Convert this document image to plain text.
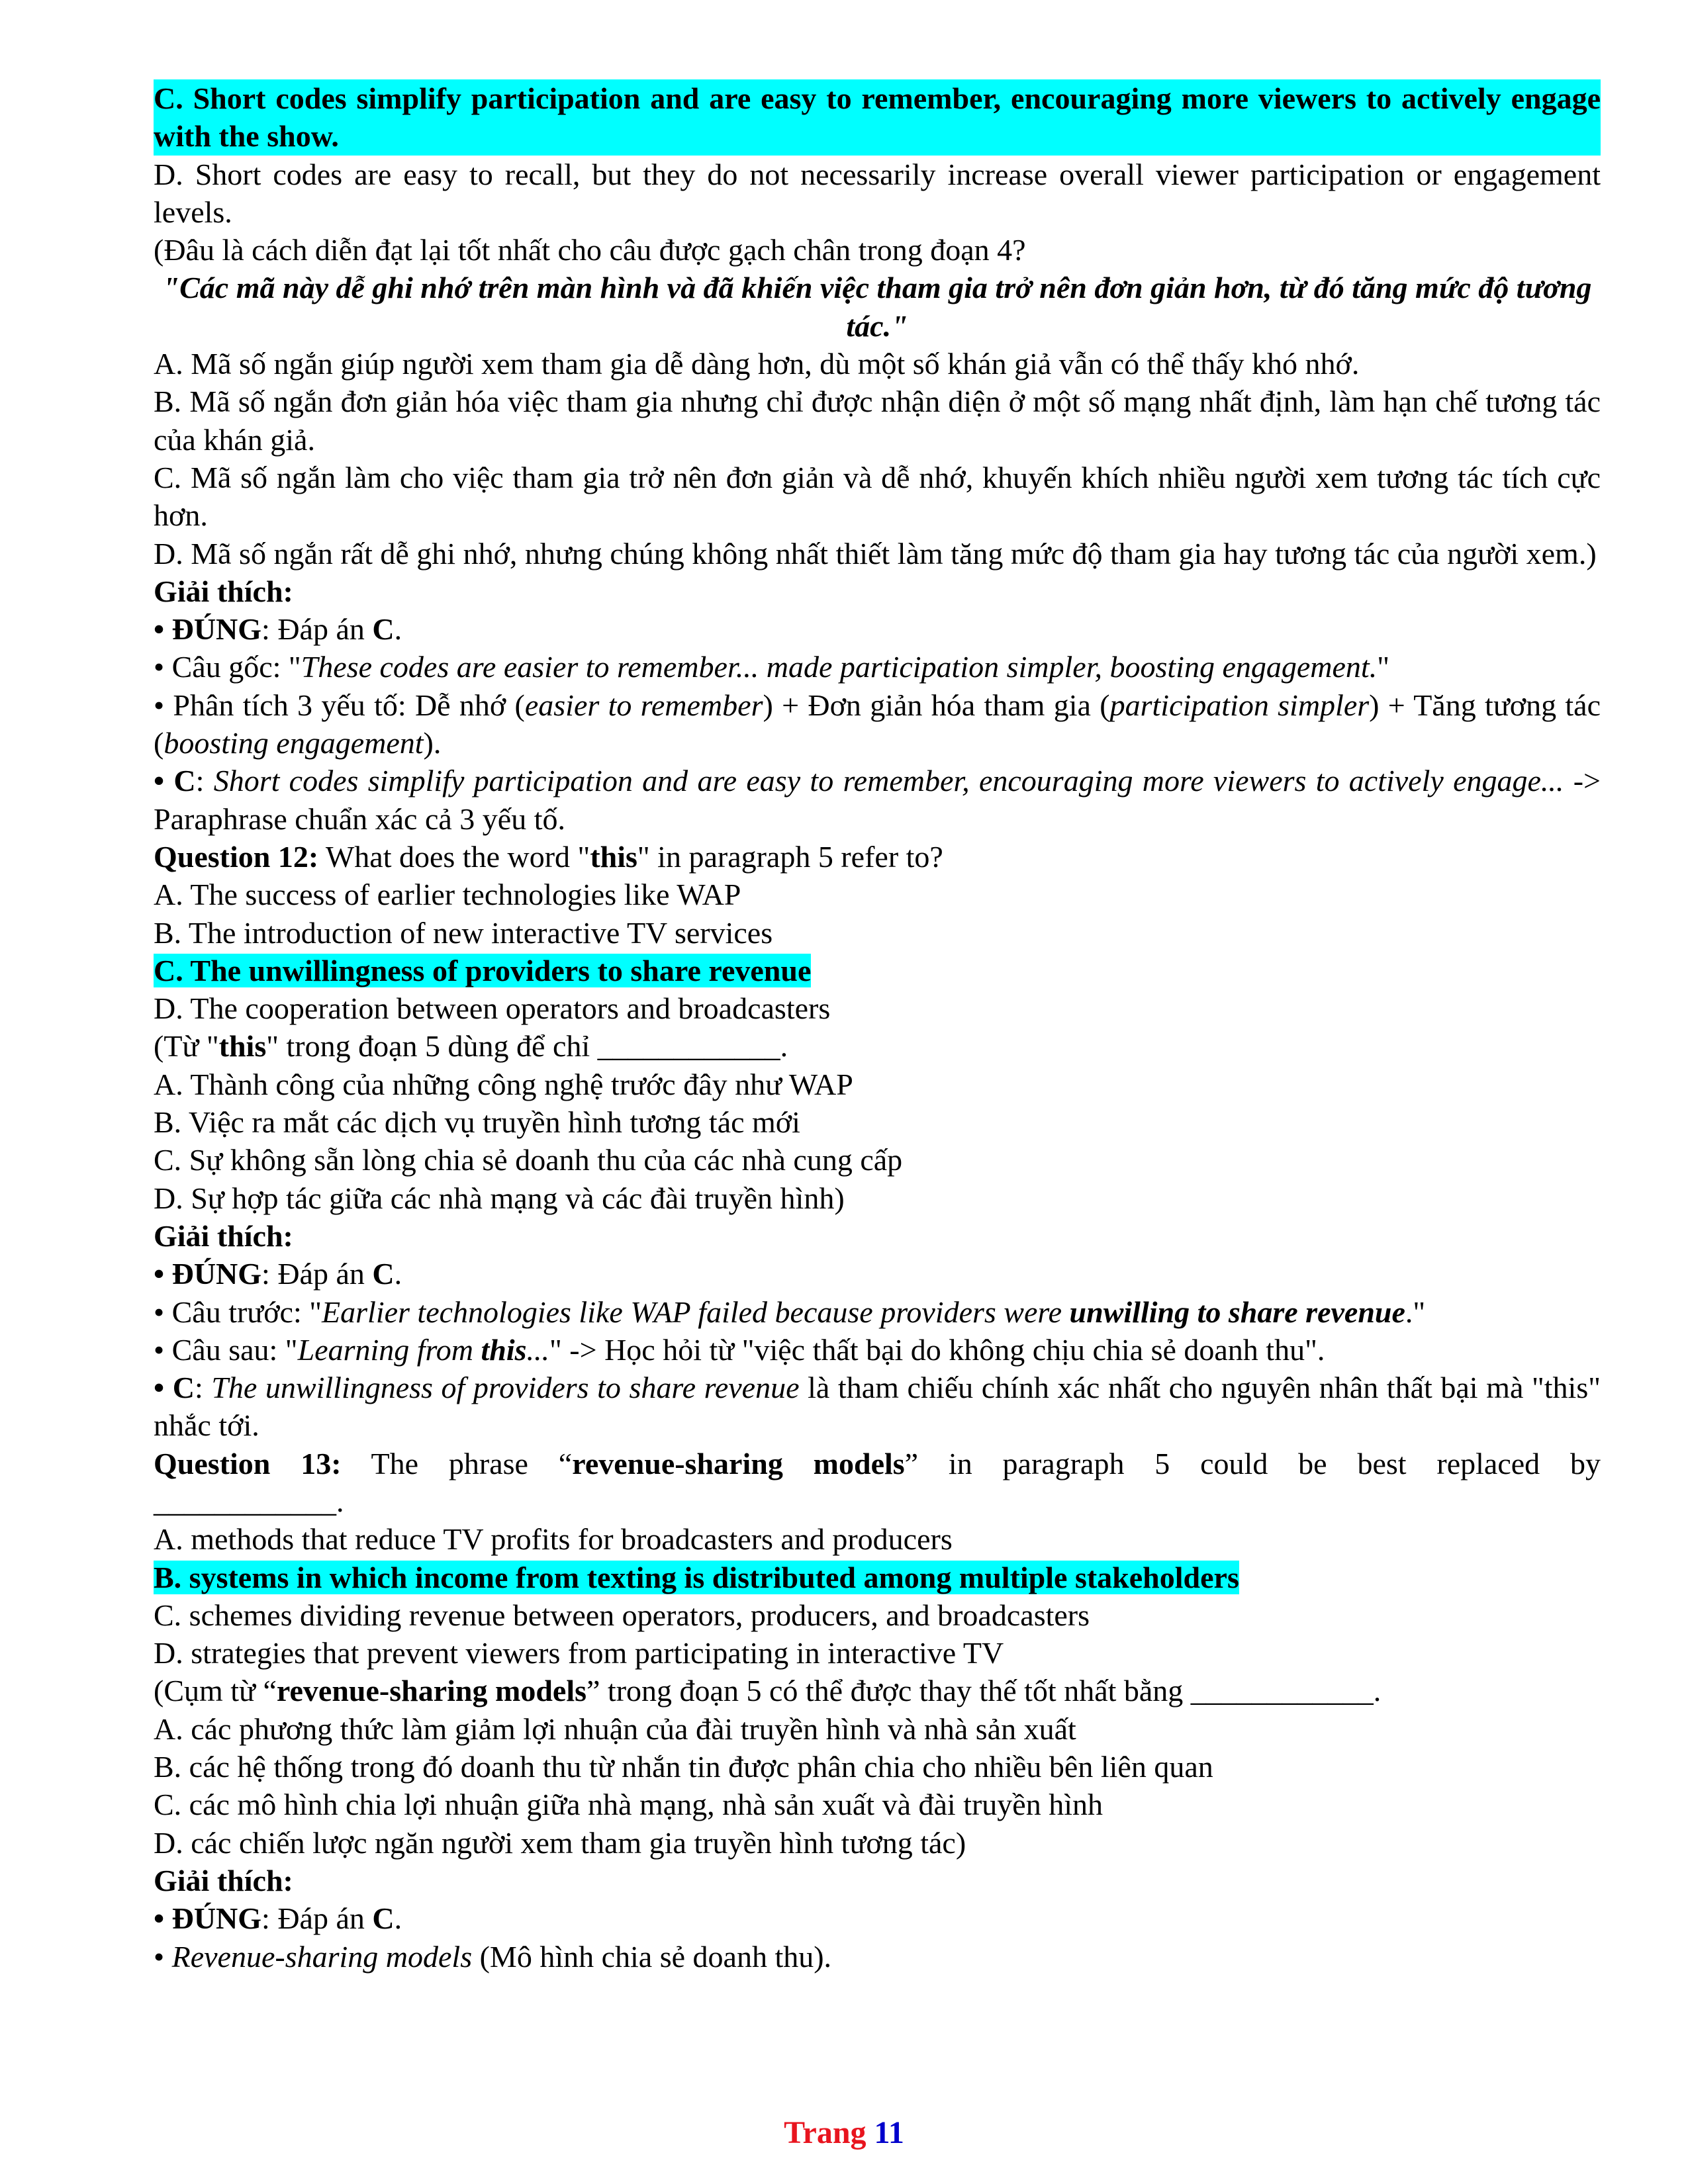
C. Short codes simplify participation and are easy to remember, encouraging more viewers to actively engage with the show.

D. Short codes are easy to recall, but they do not necessarily increase overall viewer participation or engagement levels.

(Đâu là cách diễn đạt lại tốt nhất cho câu được gạch chân trong đoạn 4?

"Các mã này dễ ghi nhớ trên màn hình và đã khiến việc tham gia trở nên đơn giản hơn, từ đó tăng mức độ tương tác."

A. Mã số ngắn giúp người xem tham gia dễ dàng hơn, dù một số khán giả vẫn có thể thấy khó nhớ.

B. Mã số ngắn đơn giản hóa việc tham gia nhưng chỉ được nhận diện ở một số mạng nhất định, làm hạn chế tương tác của khán giả.

C. Mã số ngắn làm cho việc tham gia trở nên đơn giản và dễ nhớ, khuyến khích nhiều người xem tương tác tích cực hơn.

D. Mã số ngắn rất dễ ghi nhớ, nhưng chúng không nhất thiết làm tăng mức độ tham gia hay tương tác của người xem.)

Giải thích:

• ĐÚNG: Đáp án C.

• Câu gốc: "These codes are easier to remember... made participation simpler, boosting engagement."

• Phân tích 3 yếu tố: Dễ nhớ (easier to remember) + Đơn giản hóa tham gia (participation simpler) + Tăng tương tác (boosting engagement).

• C: Short codes simplify participation and are easy to remember, encouraging more viewers to actively engage... -> Paraphrase chuẩn xác cả 3 yếu tố.

Question 12: What does the word "this" in paragraph 5 refer to?

A. The success of earlier technologies like WAP

B. The introduction of new interactive TV services

C. The unwillingness of providers to share revenue

D. The cooperation between operators and broadcasters

(Từ "this" trong đoạn 5 dùng để chỉ ____________.

A. Thành công của những công nghệ trước đây như WAP

B. Việc ra mắt các dịch vụ truyền hình tương tác mới

C. Sự không sẵn lòng chia sẻ doanh thu của các nhà cung cấp

D. Sự hợp tác giữa các nhà mạng và các đài truyền hình)

Giải thích:

• ĐÚNG: Đáp án C.

• Câu trước: "Earlier technologies like WAP failed because providers were unwilling to share revenue."

• Câu sau: "Learning from this..." -> Học hỏi từ "việc thất bại do không chịu chia sẻ doanh thu".

• C: The unwillingness of providers to share revenue là tham chiếu chính xác nhất cho nguyên nhân thất bại mà "this" nhắc tới.

Question 13: The phrase “revenue-sharing models” in paragraph 5 could be best replaced by

____________.

A. methods that reduce TV profits for broadcasters and producers

B. systems in which income from texting is distributed among multiple stakeholders

C. schemes dividing revenue between operators, producers, and broadcasters

D. strategies that prevent viewers from participating in interactive TV

(Cụm từ “revenue-sharing models” trong đoạn 5 có thể được thay thế tốt nhất bằng ____________.

A. các phương thức làm giảm lợi nhuận của đài truyền hình và nhà sản xuất

B. các hệ thống trong đó doanh thu từ nhắn tin được phân chia cho nhiều bên liên quan

C. các mô hình chia lợi nhuận giữa nhà mạng, nhà sản xuất và đài truyền hình

D. các chiến lược ngăn người xem tham gia truyền hình tương tác)

Giải thích:

• ĐÚNG: Đáp án C.

• Revenue-sharing models (Mô hình chia sẻ doanh thu).

Trang 11
